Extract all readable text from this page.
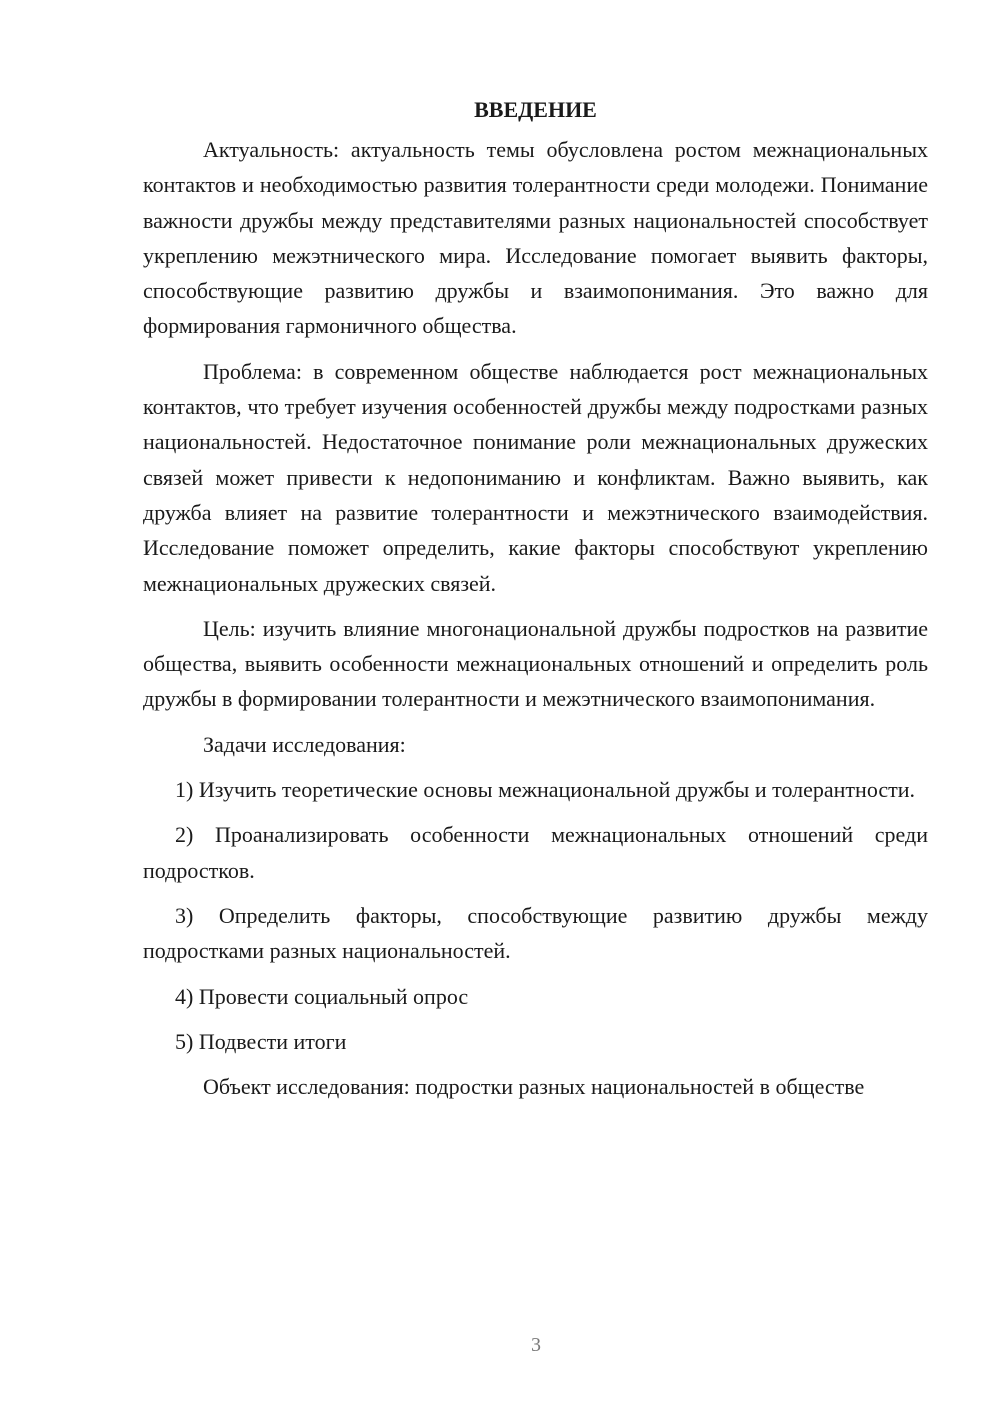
ВВЕДЕНИЕ

Актуальность: актуальность темы обусловлена ростом межнациональных контактов и необходимостью развития толерантности среди молодежи. Понимание важности дружбы между представителями разных национальностей способствует укреплению межэтнического мира. Исследование помогает выявить факторы, способствующие развитию дружбы и взаимопонимания. Это важно для формирования гармоничного общества.

Проблема: в современном обществе наблюдается рост межнациональных контактов, что требует изучения особенностей дружбы между подростками разных национальностей. Недостаточное понимание роли межнациональных дружеских связей может привести к недопониманию и конфликтам. Важно выявить, как дружба влияет на развитие толерантности и межэтнического взаимодействия. Исследование поможет определить, какие факторы способствуют укреплению межнациональных дружеских связей.

Цель: изучить влияние многонациональной дружбы подростков на развитие общества, выявить особенности межнациональных отношений и определить роль дружбы в формировании толерантности и межэтнического взаимопонимания.

Задачи исследования:

1) Изучить теоретические основы межнациональной дружбы и толерантности.

2) Проанализировать особенности межнациональных отношений среди подростков.

3) Определить факторы, способствующие развитию дружбы между подростками разных национальностей.

4) Провести социальный опрос

5) Подвести итоги

Объект исследования: подростки разных национальностей в обществе

3
